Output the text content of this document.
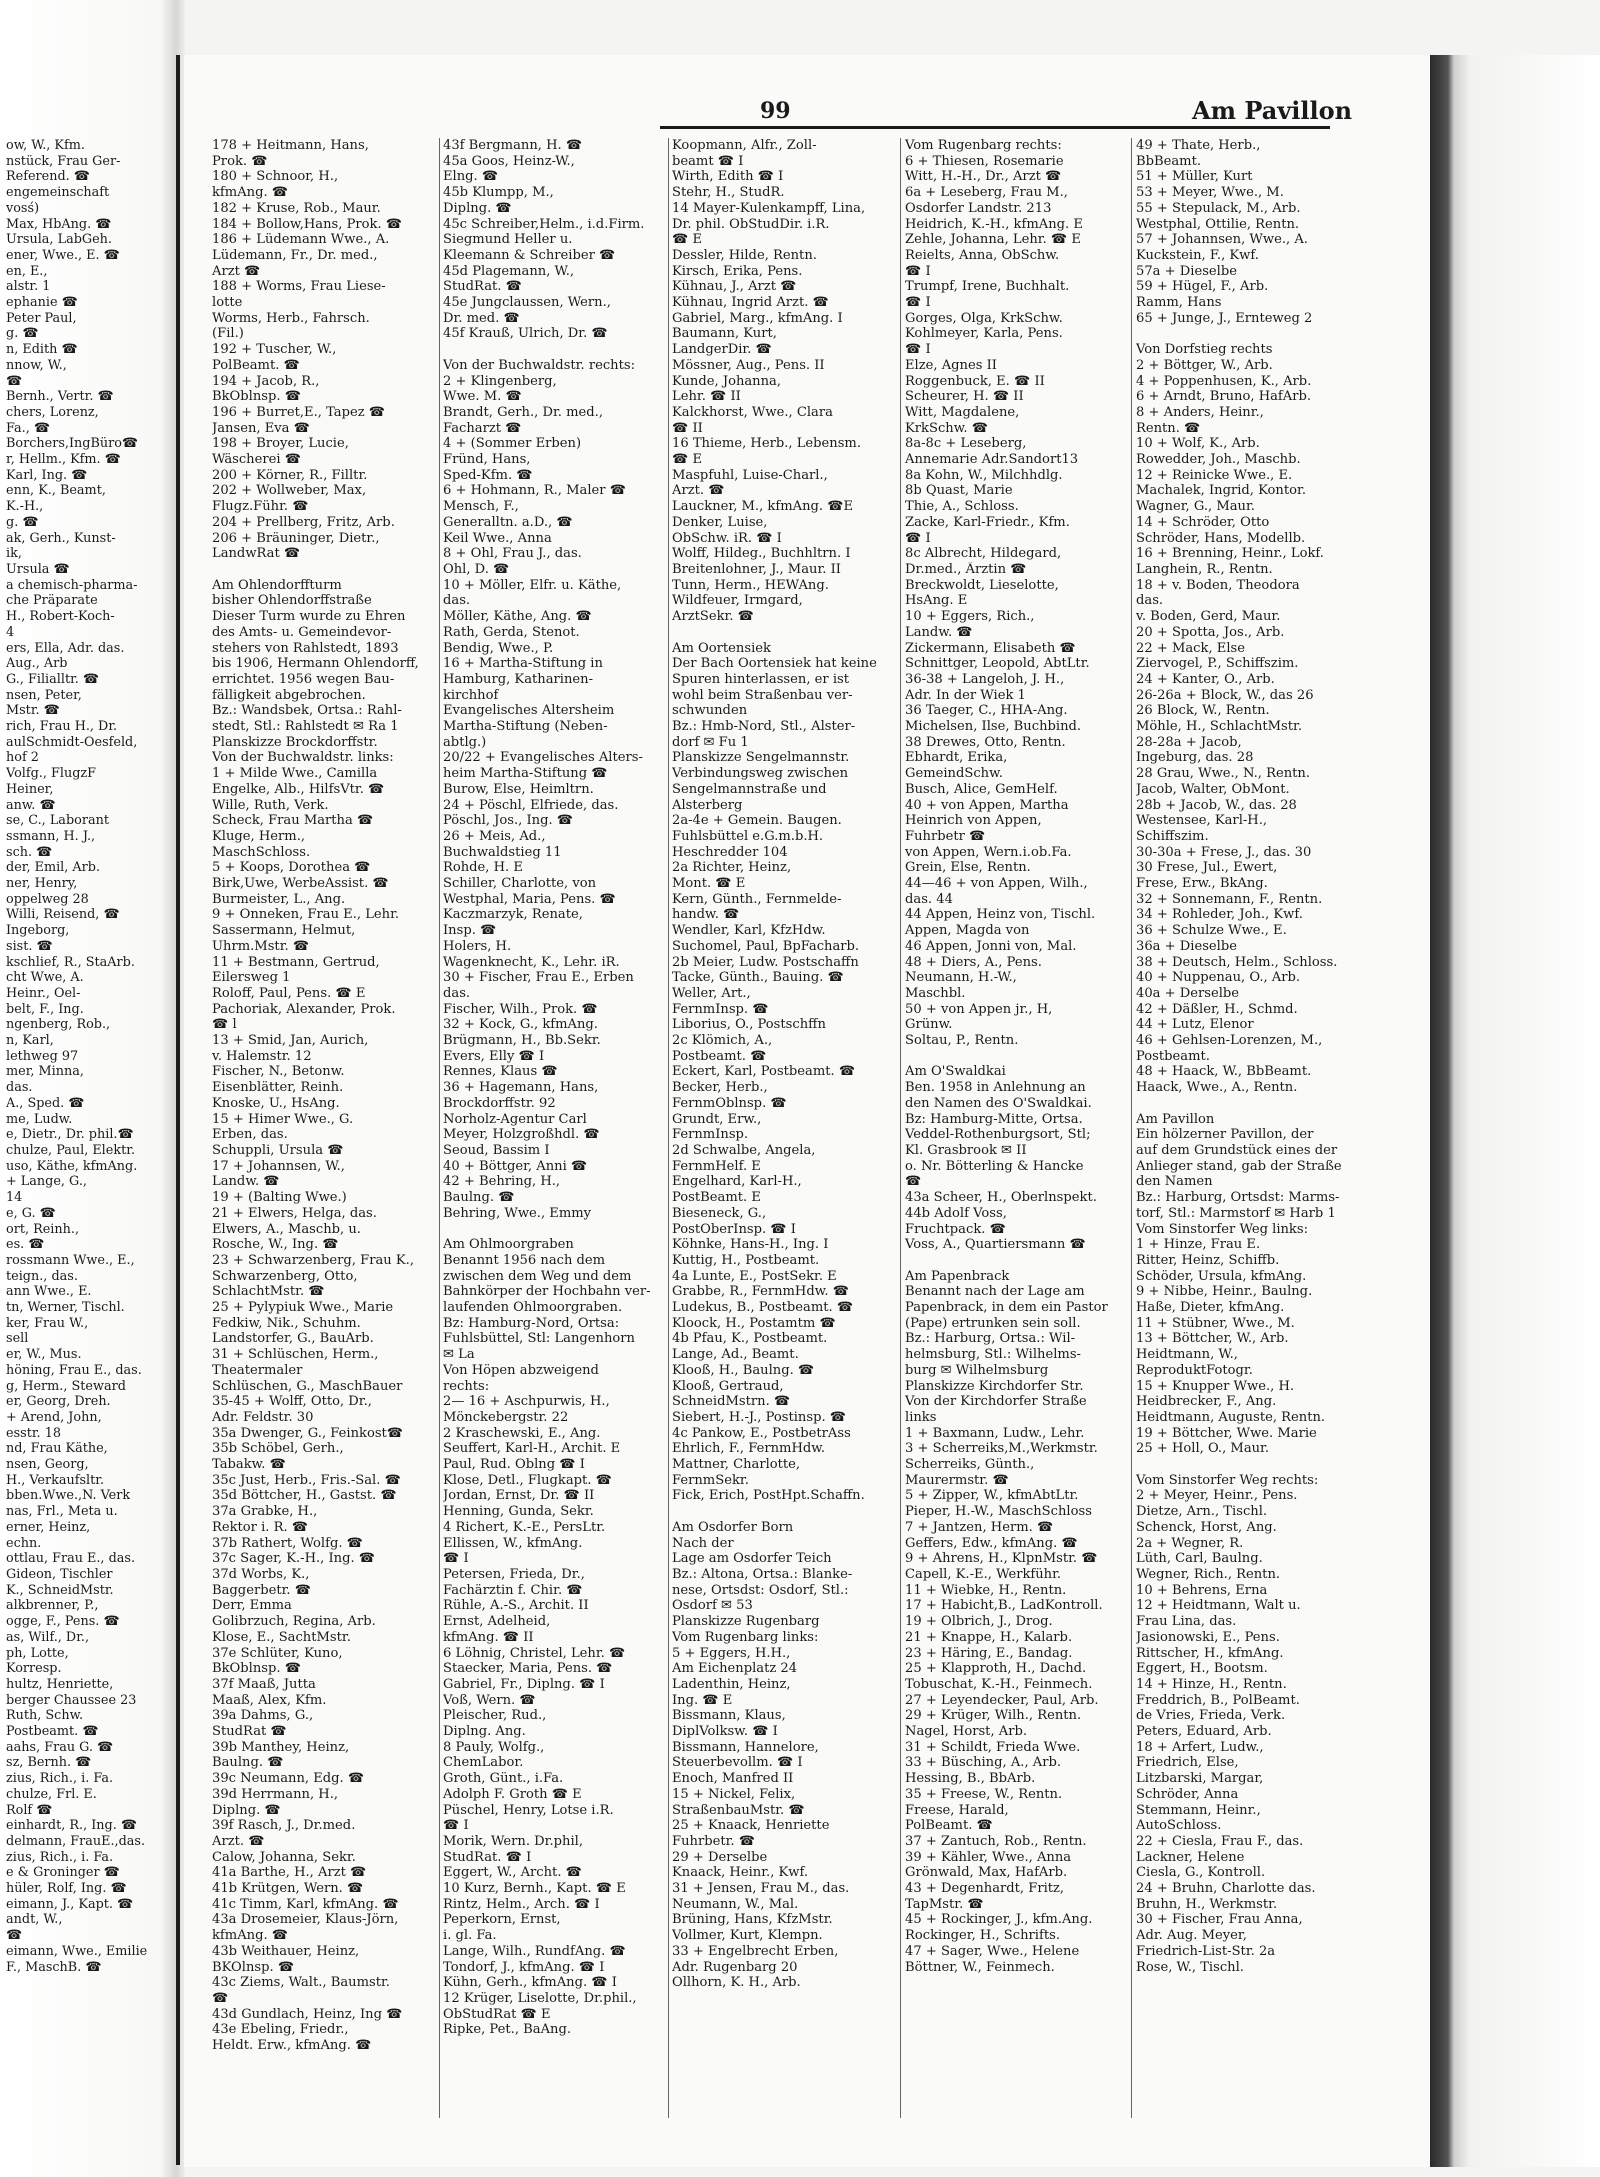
99	Am Pavillon
ow, W., Kfm.
nstück, Frau Ger-
Referend. ☎
engemeinschaft
vosś)
Max, HbAng. ☎
Ursula, LabGeh.
ener, Wwe., E. ☎
en, E.,
alstr. 1
ephanie ☎
Peter Paul,
g. ☎
n, Edith ☎
nnow, W.,
☎
Bernh., Vertr. ☎
chers, Lorenz,
Fa., ☎
Borchers,IngBüro☎
r, Hellm., Kfm. ☎
Karl, Ing. ☎
enn, K., Beamt,
K.-H.,
g. ☎
ak, Gerh., Kunst-
ik,
Ursula ☎
a chemisch-pharma-
che Präparate
H., Robert-Koch-
4
ers, Ella, Adr. das.
Aug., Arb
G., Filialltr. ☎
nsen, Peter,
Mstr. ☎
rich, Frau H., Dr.
aulSchmidt-Oesfeld,
hof 2
Volfg., FlugzF
Heiner,
anw. ☎
se, C., Laborant
ssmann, H. J.,
sch. ☎
der, Emil, Arb.
ner, Henry,
oppelweg 28
Willi, Reisend, ☎
Ingeborg,
sist. ☎
kschlief, R., StaArb.
cht Wwe, A.
Heinr., Oel-
belt, F., Ing.
ngenberg, Rob.,
n, Karl,
lethweg 97
mer, Minna,
das.
A., Sped. ☎
me, Ludw.
e, Dietr., Dr. phil.☎
chulze, Paul, Elektr.
uso, Käthe, kfmAng.
+ Lange, G.,
14
e, G. ☎
ort, Reinh.,
es. ☎
rossmann Wwe., E.,
teign., das.
ann Wwe., E.
tn, Werner, Tischl.
ker, Frau W.,
sell
er, W., Mus.
höning, Frau E., das.
g, Herm., Steward
er, Georg, Dreh.
+ Arend, John,
esstr. 18
nd, Frau Käthe,
nsen, Georg,
H., Verkaufsltr.
bben.Wwe.,N. Verk
nas, Frl., Meta u.
erner, Heinz,
echn.
ottlau, Frau E., das.
Gideon, Tischler
K., SchneidMstr.
alkbrenner, P.,
ogge, F., Pens. ☎
as, Wilf., Dr.,
ph, Lotte,
Korresp.
hultz, Henriette,
berger Chaussee 23
Ruth, Schw.
Postbeamt. ☎
aahs, Frau G. ☎
sz, Bernh. ☎
zius, Rich., i. Fa.
chulze, Frl. E.
Rolf ☎
einhardt, R., Ing. ☎
delmann, FrauE.,das.
zius, Rich., i. Fa.
e & Groninger ☎
hüler, Rolf, Ing. ☎
eimann, J., Kapt. ☎
andt, W.,
☎
eimann, Wwe., Emilie
F., MaschB. ☎
178 + Heitmann, Hans,
Prok. ☎
180 + Schnoor, H.,
kfmAng. ☎
182 + Kruse, Rob., Maur.
184 + Bollow,Hans, Prok. ☎
186 + Lüdemann Wwe., A.
Lüdemann, Fr., Dr. med.,
Arzt ☎
188 + Worms, Frau Liese-
lotte
Worms, Herb., Fahrsch.
(Fil.)
192 + Tuscher, W.,
PolBeamt. ☎
194 + Jacob, R.,
BkOblnsp. ☎
196 + Burret,E., Tapez ☎
Jansen, Eva ☎
198 + Broyer, Lucie,
Wäscherei ☎
200 + Körner, R., Filltr.
202 + Wollweber, Max,
Flugz.Führ. ☎
204 + Prellberg, Fritz, Arb.
206 + Bräuninger, Dietr.,
LandwRat ☎

Am Ohlendorffturm
bisher Ohlendorffstraße
Dieser Turm wurde zu Ehren
des Amts- u. Gemeindevor-
stehers von Rahlstedt, 1893
bis 1906, Hermann Ohlendorff,
errichtet. 1956 wegen Bau-
fälligkeit abgebrochen.
Bz.: Wandsbek, Ortsa.: Rahl-
stedt, Stl.: Rahlstedt ✉ Ra 1
Planskizze Brockdorffstr.
Von der Buchwaldstr. links:
1 + Milde Wwe., Camilla
Engelke, Alb., HilfsVtr. ☎
Wille, Ruth, Verk.
Scheck, Frau Martha ☎
Kluge, Herm.,
MaschSchloss.
5 + Koops, Dorothea ☎
Birk,Uwe, WerbeAssist. ☎
Burmeister, L., Ang.
9 + Onneken, Frau E., Lehr.
Sassermann, Helmut,
Uhrm.Mstr. ☎
11 + Bestmann, Gertrud,
Eilersweg 1
Roloff, Paul, Pens. ☎ E
Pachoriak, Alexander, Prok.
☎ l
13 + Smid, Jan, Aurich,
v. Halemstr. 12
Fischer, N., Betonw.
Eisenblätter, Reinh.
Knoske, U., HsAng.
15 + Himer Wwe., G.
Erben, das.
Schuppli, Ursula ☎
17 + Johannsen, W.,
Landw. ☎
19 + (Balting Wwe.)
21 + Elwers, Helga, das.
Elwers, A., Maschb, u.
Rosche, W., Ing. ☎
23 + Schwarzenberg, Frau K.,
Schwarzenberg, Otto,
SchlachtMstr. ☎
25 + Pylypiuk Wwe., Marie
Fedkiw, Nik., Schuhm.
Landstorfer, G., BauArb.
31 + Schlüschen, Herm.,
Theatermaler
Schlüschen, G., MaschBauer
35-45 + Wolff, Otto, Dr.,
Adr. Feldstr. 30
35a Dwenger, G., Feinkost☎
35b Schöbel, Gerh.,
Tabakw. ☎
35c Just, Herb., Fris.-Sal. ☎
35d Böttcher, H., Gastst. ☎
37a Grabke, H.,
Rektor i. R. ☎
37b Rathert, Wolfg. ☎
37c Sager, K.-H., Ing. ☎
37d Worbs, K.,
Baggerbetr. ☎
Derr, Emma
Golibrzuch, Regina, Arb.
Klose, E., SachtMstr.
37e Schlüter, Kuno,
BkOblnsp. ☎
37f Maaß, Jutta
Maaß, Alex, Kfm.
39a Dahms, G.,
StudRat ☎
39b Manthey, Heinz,
Baulng. ☎
39c Neumann, Edg. ☎
39d Herrmann, H.,
Diplng. ☎
39f Rasch, J., Dr.med.
Arzt. ☎
Calow, Johanna, Sekr.
41a Barthe, H., Arzt ☎
41b Krütgen, Wern. ☎
41c Timm, Karl, kfmAng. ☎
43a Drosemeier, Klaus-Jörn,
kfmAng. ☎
43b Weithauer, Heinz,
BKOlnsp. ☎
43c Ziems, Walt., Baumstr.
☎
43d Gundlach, Heinz, Ing ☎
43e Ebeling, Friedr.,
Heldt. Erw., kfmAng. ☎
43f Bergmann, H. ☎
45a Goos, Heinz-W.,
Elng. ☎
45b Klumpp, M.,
Diplng. ☎
45c Schreiber,Helm., i.d.Firm.
Siegmund Heller u.
Kleemann & Schreiber ☎
45d Plagemann, W.,
StudRat. ☎
45e Jungclaussen, Wern.,
Dr. med. ☎
45f Krauß, Ulrich, Dr. ☎

Von der Buchwaldstr. rechts:
2 + Klingenberg,
Wwe. M. ☎
Brandt, Gerh., Dr. med.,
Facharzt ☎
4 + (Sommer Erben)
Fründ, Hans,
Sped-Kfm. ☎
6 + Hohmann, R., Maler ☎
Mensch, F.,
Generalltn. a.D., ☎
Keil Wwe., Anna
8 + Ohl, Frau J., das.
Ohl, D. ☎
10 + Möller, Elfr. u. Käthe,
das.
Möller, Käthe, Ang. ☎
Rath, Gerda, Stenot.
Bendig, Wwe., P.
16 + Martha-Stiftung in
Hamburg, Katharinen-
kirchhof
Evangelisches Altersheim
Martha-Stiftung (Neben-
abtlg.)
20/22 + Evangelisches Alters-
heim Martha-Stiftung ☎
Burow, Else, Heimltrn.
24 + Pöschl, Elfriede, das.
Pöschl, Jos., Ing. ☎
26 + Meis, Ad.,
Buchwaldstieg 11
Rohde, H. E
Schiller, Charlotte, von
Westphal, Maria, Pens. ☎
Kaczmarzyk, Renate,
Insp. ☎
Holers, H.
Wagenknecht, K., Lehr. iR.
30 + Fischer, Frau E., Erben
das.
Fischer, Wilh., Prok. ☎
32 + Kock, G., kfmAng.
Brügmann, H., Bb.Sekr.
Evers, Elly ☎ I
Rennes, Klaus ☎
36 + Hagemann, Hans,
Brockdorffstr. 92
Norholz-Agentur Carl
Meyer, Holzgroßhdl. ☎
Seoud, Bassim I
40 + Böttger, Anni ☎
42 + Behring, H.,
Baulng. ☎
Behring, Wwe., Emmy

Am Ohlmoorgraben
Benannt 1956 nach dem
zwischen dem Weg und dem
Bahnkörper der Hochbahn ver-
laufenden Ohlmoorgraben.
Bz: Hamburg-Nord, Ortsa:
Fuhlsbüttel, Stl: Langenhorn
✉ La
Von Höpen abzweigend
rechts:
2— 16 + Aschpurwis, H.,
Mönckebergstr. 22
2 Kraschewski, E., Ang.
Seuffert, Karl-H., Archit. E
Paul, Rud. Oblng ☎ I
Klose, Detl., Flugkapt. ☎
Jordan, Ernst, Dr. ☎ II
Henning, Gunda, Sekr.
4 Richert, K.-E., PersLtr.
Ellissen, W., kfmAng.
☎ I
Petersen, Frieda, Dr.,
Fachärztin f. Chir. ☎
Rühle, A.-S., Archit. II
Ernst, Adelheid,
kfmAng. ☎ II
6 Löhnig, Christel, Lehr. ☎
Staecker, Maria, Pens. ☎
Gabriel, Fr., Diplng. ☎ I
Voß, Wern. ☎
Pleischer, Rud.,
Diplng. Ang.
8 Pauly, Wolfg.,
ChemLabor.
Groth, Günt., i.Fa.
Adolph F. Groth ☎ E
Püschel, Henry, Lotse i.R.
☎ I
Morik, Wern. Dr.phil,
StudRat. ☎ I
Eggert, W., Archt. ☎
10 Kurz, Bernh., Kapt. ☎ E
Rintz, Helm., Arch. ☎ I
Peperkorn, Ernst,
i. gl. Fa.
Lange, Wilh., RundfAng. ☎
Tondorf, J., kfmAng. ☎ I
Kühn, Gerh., kfmAng. ☎ I
12 Krüger, Liselotte, Dr.phil.,
ObStudRat ☎ E
Ripke, Pet., BaAng.
Koopmann, Alfr., Zoll-
beamt ☎ I
Wirth, Edith ☎ I
Stehr, H., StudR.
14 Mayer-Kulenkampff, Lina,
Dr. phil. ObStudDir. i.R.
☎ E
Dessler, Hilde, Rentn.
Kirsch, Erika, Pens.
Kühnau, J., Arzt ☎
Kühnau, Ingrid Arzt. ☎
Gabriel, Marg., kfmAng. I
Baumann, Kurt,
LandgerDir. ☎
Mössner, Aug., Pens. II
Kunde, Johanna,
Lehr. ☎ II
Kalckhorst, Wwe., Clara
☎ II
16 Thieme, Herb., Lebensm.
☎ E
Maspfuhl, Luise-Charl.,
Arzt. ☎
Lauckner, M., kfmAng. ☎E
Denker, Luise,
ObSchw. iR. ☎ I
Wolff, Hildeg., Buchhltrn. I
Breitenlohner, J., Maur. II
Tunn, Herm., HEWAng.
Wildfeuer, Irmgard,
ArztSekr. ☎

Am Oortensiek
Der Bach Oortensiek hat keine
Spuren hinterlassen, er ist
wohl beim Straßenbau ver-
schwunden
Bz.: Hmb-Nord, Stl., Alster-
dorf ✉ Fu 1
Planskizze Sengelmannstr.
Verbindungsweg zwischen
Sengelmannstraße und
Alsterberg
2a-4e + Gemein. Baugen.
Fuhlsbüttel e.G.m.b.H.
Heschredder 104
2a Richter, Heinz,
Mont. ☎ E
Kern, Günth., Fernmelde-
handw. ☎
Wendler, Karl, KfzHdw.
Suchomel, Paul, BpFacharb.
2b Meier, Ludw. Postschaffn
Tacke, Günth., Bauing. ☎
Weller, Art.,
FernmInsp. ☎
Liborius, O., Postschffn
2c Klömich, A.,
Postbeamt. ☎
Eckert, Karl, Postbeamt. ☎
Becker, Herb.,
FernmOblnsp. ☎
Grundt, Erw.,
FernmInsp.
2d Schwalbe, Angela,
FernmHelf. E
Engelhard, Karl-H.,
PostBeamt. E
Bieseneck, G.,
PostOberInsp. ☎ I
Köhnke, Hans-H., Ing. I
Kuttig, H., Postbeamt.
4a Lunte, E., PostSekr. E
Grabbe, R., FernmHdw. ☎
Ludekus, B., Postbeamt. ☎
Kloock, H., Postamtm ☎
4b Pfau, K., Postbeamt.
Lange, Ad., Beamt.
Klooß, H., Baulng. ☎
Klooß, Gertraud,
SchneidMstrn. ☎
Siebert, H.-J., Postinsp. ☎
4c Pankow, E., PostbetrAss
Ehrlich, F., FernmHdw.
Mattner, Charlotte,
FernmSekr.
Fick, Erich, PostHpt.Schaffn.

Am Osdorfer Born
Nach der
Lage am Osdorfer Teich
Bz.: Altona, Ortsa.: Blanke-
nese, Ortsdst: Osdorf, Stl.:
Osdorf ✉ 53
Planskizze Rugenbarg
Vom Rugenbarg links:
5 + Eggers, H.H.,
Am Eichenplatz 24
Ladenthin, Heinz,
Ing. ☎ E
Bissmann, Klaus,
DiplVolksw. ☎ I
Bissmann, Hannelore,
Steuerbevollm. ☎ I
Enoch, Manfred II
15 + Nickel, Felix,
StraßenbauMstr. ☎
25 + Knaack, Henriette
Fuhrbetr. ☎
29 + Derselbe
Knaack, Heinr., Kwf.
31 + Jensen, Frau M., das.
Neumann, W., Mal.
Brüning, Hans, KfzMstr.
Vollmer, Kurt, Klempn.
33 + Engelbrecht Erben,
Adr. Rugenbarg 20
Ollhorn, K. H., Arb.
Vom Rugenbarg rechts:
6 + Thiesen, Rosemarie
Witt, H.-H., Dr., Arzt ☎
6a + Leseberg, Frau M.,
Osdorfer Landstr. 213
Heidrich, K.-H., kfmAng. E
Zehle, Johanna, Lehr. ☎ E
Reielts, Anna, ObSchw.
☎ I
Trumpf, Irene, Buchhalt.
☎ I
Gorges, Olga, KrkSchw.
Kohlmeyer, Karla, Pens.
☎ I
Elze, Agnes II
Roggenbuck, E. ☎ II
Scheurer, H. ☎ II
Witt, Magdalene,
KrkSchw. ☎
8a-8c + Leseberg,
Annemarie Adr.Sandort13
8a Kohn, W., Milchhdlg.
8b Quast, Marie
Thie, A., Schloss.
Zacke, Karl-Friedr., Kfm.
☎ I
8c Albrecht, Hildegard,
Dr.med., Ärztin ☎
Breckwoldt, Lieselotte,
HsAng. E
10 + Eggers, Rich.,
Landw. ☎
Zickermann, Elisabeth ☎
Schnittger, Leopold, AbtLtr.
36-38 + Langeloh, J. H.,
Adr. In der Wiek 1
36 Taeger, C., HHA-Ang.
Michelsen, Ilse, Buchbind.
38 Drewes, Otto, Rentn.
Ebhardt, Erika,
GemeindSchw.
Busch, Alice, GemHelf.
40 + von Appen, Martha
Heinrich von Appen,
Fuhrbetr ☎
von Appen, Wern.i.ob.Fa.
Grein, Else, Rentn.
44—46 + von Appen, Wilh.,
das. 44
44 Appen, Heinz von, Tischl.
Appen, Magda von
46 Appen, Jonni von, Mal.
48 + Diers, A., Pens.
Neumann, H.-W.,
Maschbl.
50 + von Appen jr., H,
Grünw.
Soltau, P., Rentn.

Am O'Swaldkai
Ben. 1958 in Anlehnung an
den Namen des O'Swaldkai.
Bz: Hamburg-Mitte, Ortsa.
Veddel-Rothenburgsort, Stl;
Kl. Grasbrook ✉ II
o. Nr. Bötterling & Hancke
☎
43a Scheer, H., Oberlnspekt.
44b Adolf Voss,
Fruchtpack. ☎
Voss, A., Quartiersmann ☎

Am Papenbrack
Benannt nach der Lage am
Papenbrack, in dem ein Pastor
(Pape) ertrunken sein soll.
Bz.: Harburg, Ortsa.: Wil-
helmsburg, Stl.: Wilhelms-
burg ✉ Wilhelmsburg
Planskizze Kirchdorfer Str.
Von der Kirchdorfer Straße
links
1 + Baxmann, Ludw., Lehr.
3 + Scherreiks,M.,Werkmstr.
Scherreiks, Günth.,
Maurermstr. ☎
5 + Zipper, W., kfmAbtLtr.
Pieper, H.-W., MaschSchloss
7 + Jantzen, Herm. ☎
Geffers, Edw., kfmAng. ☎
9 + Ahrens, H., KlpnMstr. ☎
Capell, K.-E., Werkführ.
11 + Wiebke, H., Rentn.
17 + Habicht,B., LadKontroll.
19 + Olbrich, J., Drog.
21 + Knappe, H., Kalarb.
23 + Häring, E., Bandag.
25 + Klapproth, H., Dachd.
Tobuschat, K.-H., Feinmech.
27 + Leyendecker, Paul, Arb.
29 + Krüger, Wilh., Rentn.
Nagel, Horst, Arb.
31 + Schildt, Frieda Wwe.
33 + Büsching, A., Arb.
Hessing, B., BbArb.
35 + Freese, W., Rentn.
Freese, Harald,
PolBeamt. ☎
37 + Zantuch, Rob., Rentn.
39 + Kähler, Wwe., Anna
Grönwald, Max, HafArb.
43 + Degenhardt, Fritz,
TapMstr. ☎
45 + Rockinger, J., kfm.Ang.
Rockinger, H., Schrifts.
47 + Sager, Wwe., Helene
Böttner, W., Feinmech.
49 + Thate, Herb.,
BbBeamt.
51 + Müller, Kurt
53 + Meyer, Wwe., M.
55 + Stepulack, M., Arb.
Westphal, Ottilie, Rentn.
57 + Johannsen, Wwe., A.
Kuckstein, F., Kwf.
57a + Dieselbe
59 + Hügel, F., Arb.
Ramm, Hans
65 + Junge, J., Ernteweg 2

Von Dorfstieg rechts
2 + Böttger, W., Arb.
4 + Poppenhusen, K., Arb.
6 + Arndt, Bruno, HafArb.
8 + Anders, Heinr.,
Rentn. ☎
10 + Wolf, K., Arb.
Rowedder, Joh., Maschb.
12 + Reinicke Wwe., E.
Machalek, Ingrid, Kontor.
Wagner, G., Maur.
14 + Schröder, Otto
Schröder, Hans, Modellb.
16 + Brenning, Heinr., Lokf.
Langhein, R., Rentn.
18 + v. Boden, Theodora
das.
v. Boden, Gerd, Maur.
20 + Spotta, Jos., Arb.
22 + Mack, Else
Ziervogel, P., Schiffszim.
24 + Kanter, O., Arb.
26-26a + Block, W., das 26
26 Block, W., Rentn.
Möhle, H., SchlachtMstr.
28-28a + Jacob,
Ingeburg, das. 28
28 Grau, Wwe., N., Rentn.
Jacob, Walter, ObMont.
28b + Jacob, W., das. 28
Westensee, Karl-H.,
Schiffszim.
30-30a + Frese, J., das. 30
30 Frese, Jul., Ewert,
Frese, Erw., BkAng.
32 + Sonnemann, F., Rentn.
34 + Rohleder, Joh., Kwf.
36 + Schulze Wwe., E.
36a + Dieselbe
38 + Deutsch, Helm., Schloss.
40 + Nuppenau, O., Arb.
40a + Derselbe
42 + Däßler, H., Schmd.
44 + Lutz, Elenor
46 + Gehlsen-Lorenzen, M.,
Postbeamt.
48 + Haack, W., BbBeamt.
Haack, Wwe., A., Rentn.

Am Pavillon
Ein hölzerner Pavillon, der
auf dem Grundstück eines der
Anlieger stand, gab der Straße
den Namen
Bz.: Harburg, Ortsdst: Marms-
torf, Stl.: Marmstorf ✉ Harb 1
Vom Sinstorfer Weg links:
1 + Hinze, Frau E.
Ritter, Heinz, Schiffb.
Schöder, Ursula, kfmAng.
9 + Nibbe, Heinr., Baulng.
Haße, Dieter, kfmAng.
11 + Stübner, Wwe., M.
13 + Böttcher, W., Arb.
Heidtmann, W.,
ReproduktFotogr.
15 + Knupper Wwe., H.
Heidbrecker, F., Ang.
Heidtmann, Auguste, Rentn.
19 + Böttcher, Wwe. Marie
25 + Holl, O., Maur.

Vom Sinstorfer Weg rechts:
2 + Meyer, Heinr., Pens.
Dietze, Arn., Tischl.
Schenck, Horst, Ang.
2a + Wegner, R.
Lüth, Carl, Baulng.
Wegner, Rich., Rentn.
10 + Behrens, Erna
12 + Heidtmann, Walt u.
Frau Lina, das.
Jasionowski, E., Pens.
Rittscher, H., kfmAng.
Eggert, H., Bootsm.
14 + Hinze, H., Rentn.
Freddrich, B., PolBeamt.
de Vries, Frieda, Verk.
Peters, Eduard, Arb.
18 + Arfert, Ludw.,
Friedrich, Else,
Litzbarski, Margar,
Schröder, Anna
Stemmann, Heinr.,
AutoSchloss.
22 + Ciesla, Frau F., das.
Lackner, Helene
Ciesla, G., Kontroll.
24 + Bruhn, Charlotte das.
Bruhn, H., Werkmstr.
30 + Fischer, Frau Anna,
Adr. Aug. Meyer,
Friedrich-List-Str. 2a
Rose, W., Tischl.
